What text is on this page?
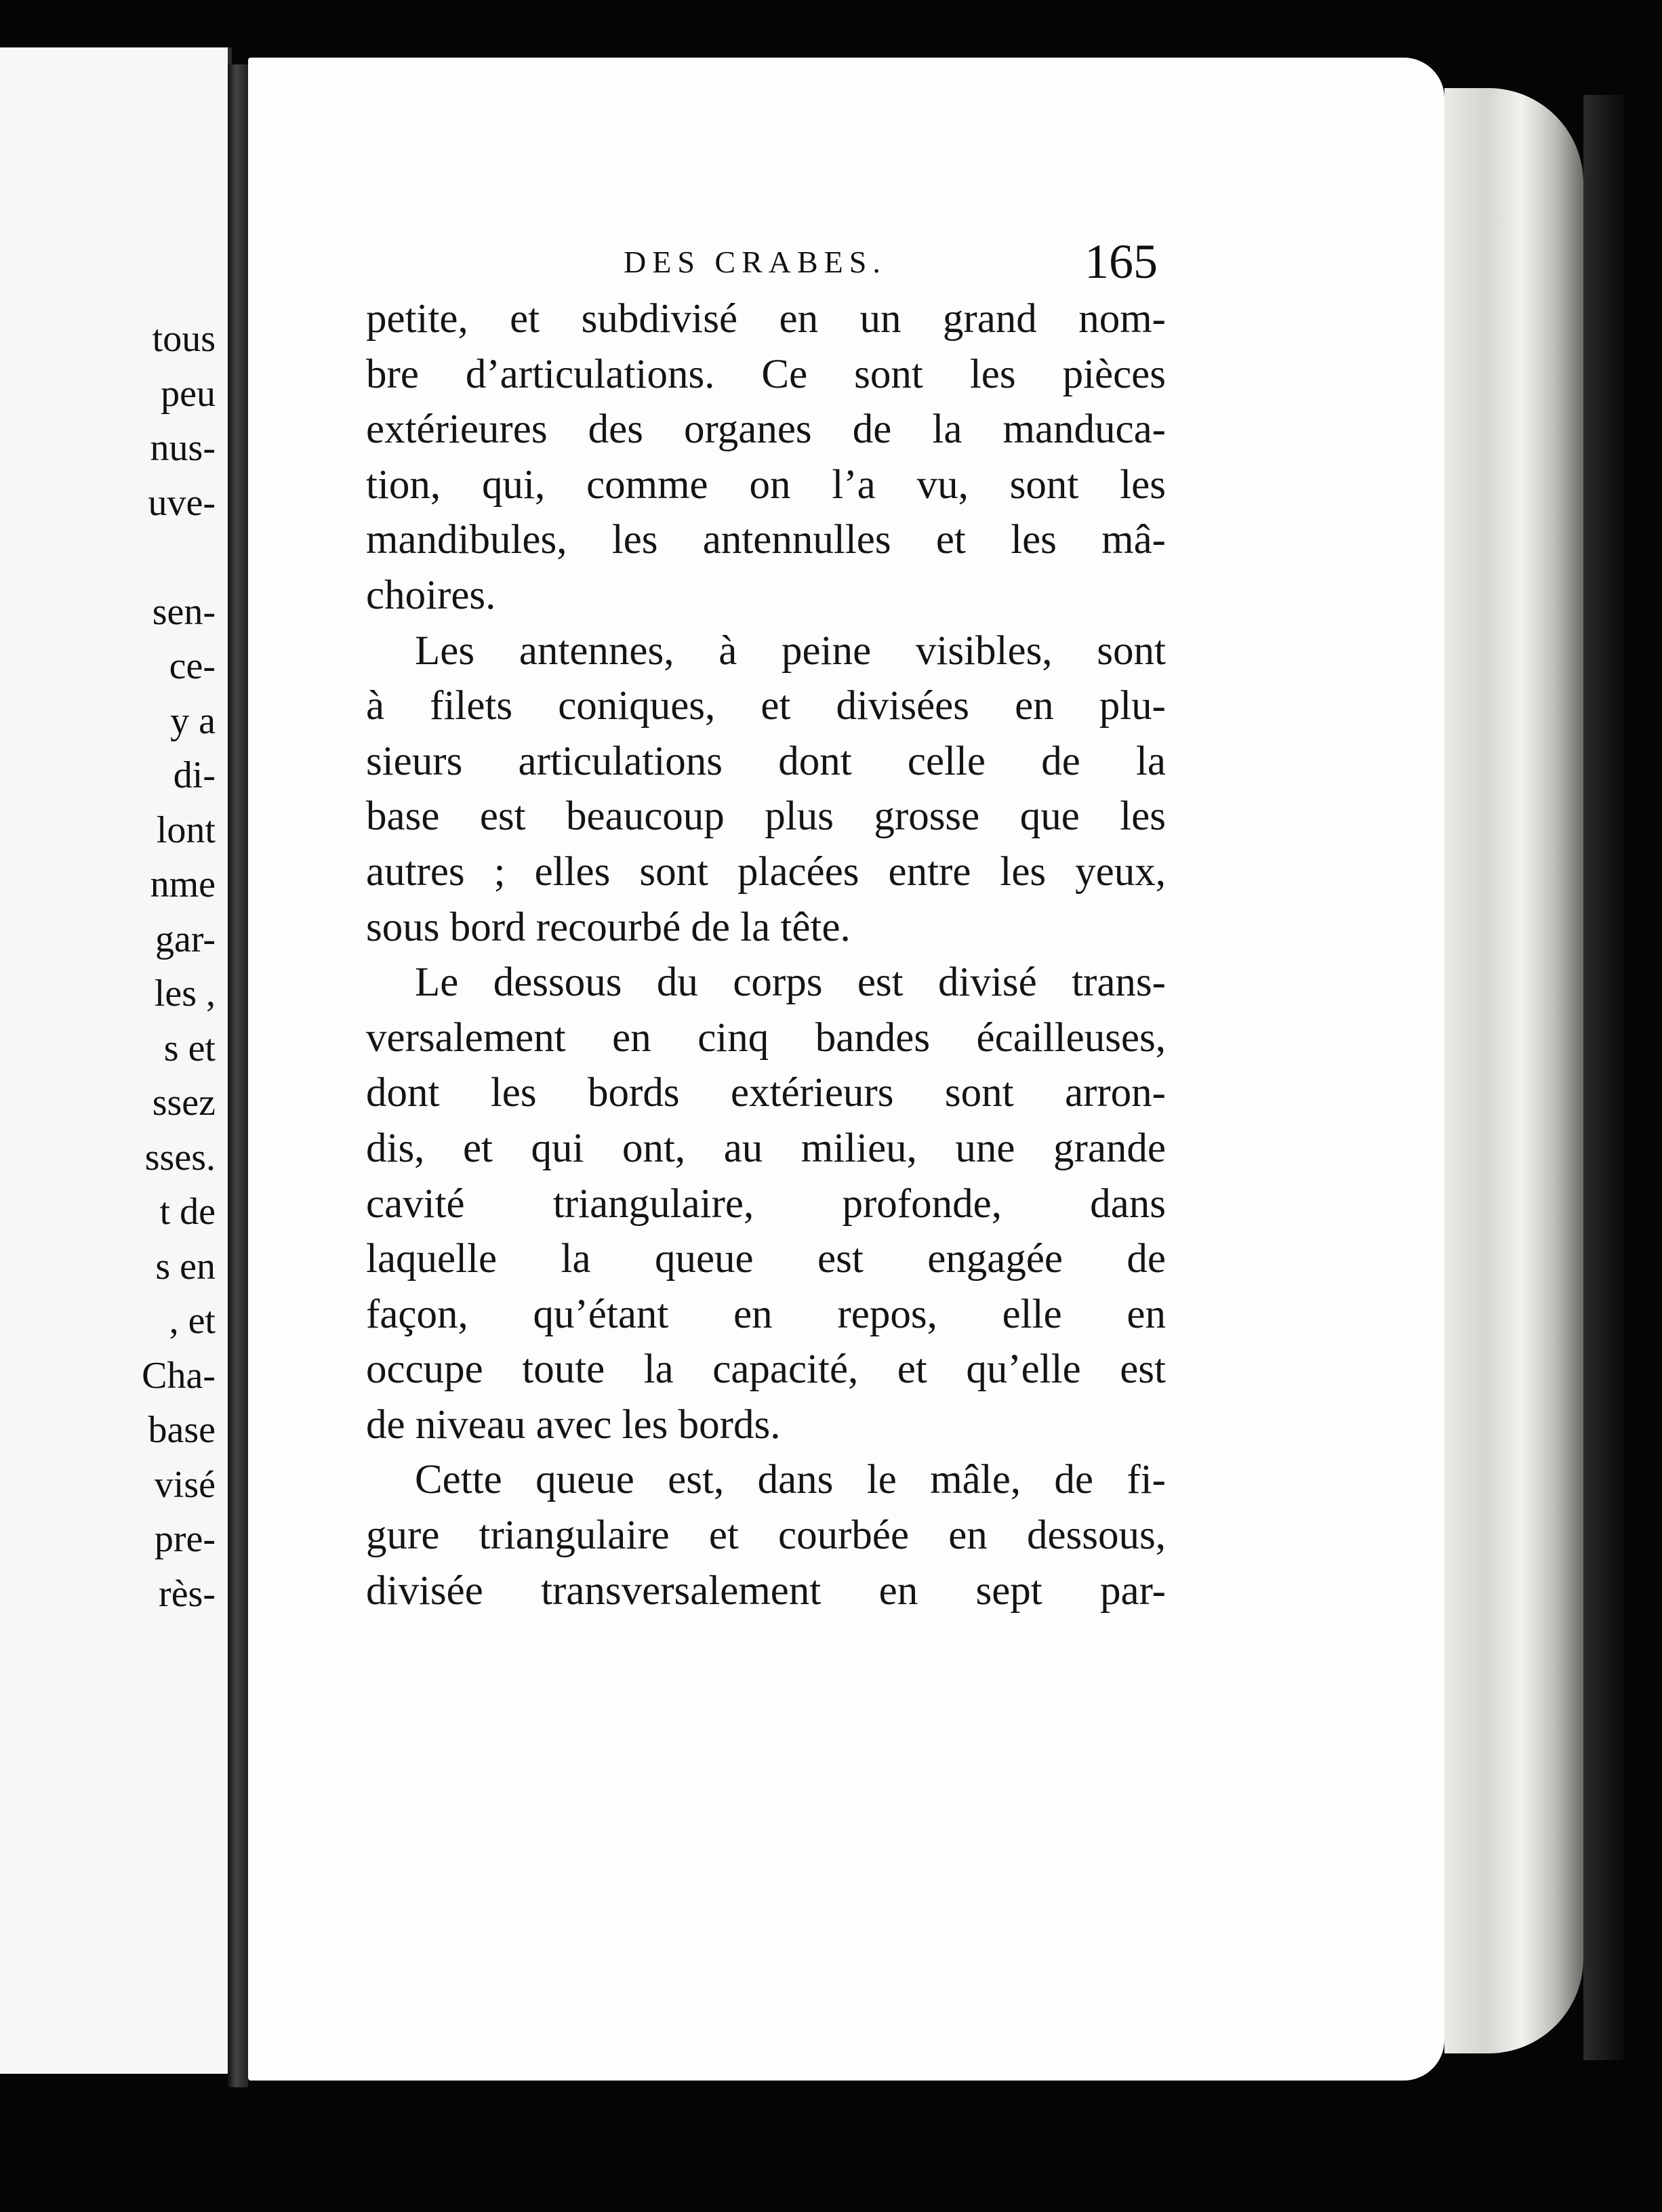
tous
peu
nus-
uve-

sen-
ce-
y a
di-
lont
nme
gar-
les ,
s et
ssez
sses.
t de
s en
, et
Cha-
base
visé
pre-
rès-
DES CRABES.	165
petite, et subdivisé en un grand nom-
bre d’articulations. Ce sont les pièces
extérieures des organes de la manduca-
tion, qui, comme on l’a vu, sont les
mandibules, les antennulles et les mâ-
choires.
Les antennes, à peine visibles, sont
à filets coniques, et divisées en plu-
sieurs articulations dont celle de la
base est beaucoup plus grosse que les
autres ; elles sont placées entre les yeux,
sous bord recourbé de la tête.
Le dessous du corps est divisé trans-
versalement en cinq bandes écailleuses,
dont les bords extérieurs sont arron-
dis, et qui ont, au milieu, une grande
cavité triangulaire, profonde, dans
laquelle la queue est engagée de
façon, qu’étant en repos, elle en
occupe toute la capacité, et qu’elle est
de niveau avec les bords.
Cette queue est, dans le mâle, de fi-
gure triangulaire et courbée en dessous,
divisée transversalement en sept par-
